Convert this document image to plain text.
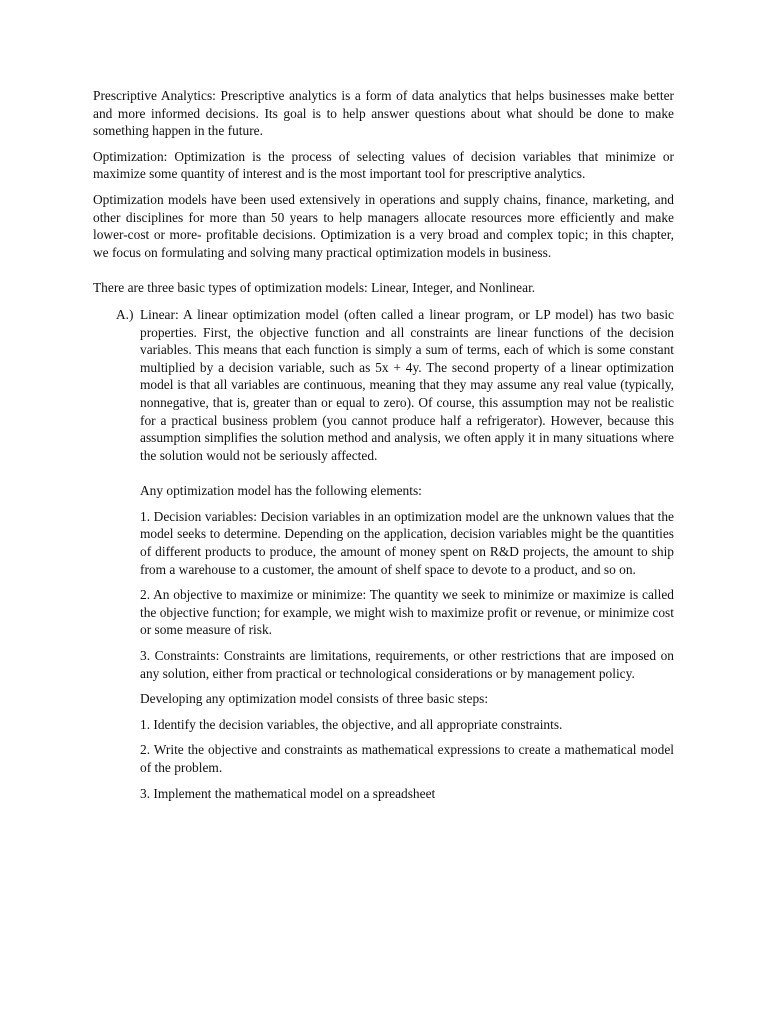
Prescriptive Analytics: Prescriptive analytics is a form of data analytics that helps businesses make better and more informed decisions. Its goal is to help answer questions about what should be done to make something happen in the future.

Optimization: Optimization is the process of selecting values of decision variables that minimize or maximize some quantity of interest and is the most important tool for prescriptive analytics.

Optimization models have been used extensively in operations and supply chains, finance, marketing, and other disciplines for more than 50 years to help managers allocate resources more efficiently and make lower-cost or more- profitable decisions. Optimization is a very broad and complex topic; in this chapter, we focus on formulating and solving many practical optimization models in business.

There are three basic types of optimization models: Linear, Integer, and Nonlinear.

A.) Linear: A linear optimization model (often called a linear program, or LP model) has two basic properties. First, the objective function and all constraints are linear functions of the decision variables. This means that each function is simply a sum of terms, each of which is some constant multiplied by a decision variable, such as 5x + 4y. The second property of a linear optimization model is that all variables are continuous, meaning that they may assume any real value (typically, nonnegative, that is, greater than or equal to zero). Of course, this assumption may not be realistic for a practical business problem (you cannot produce half a refrigerator). However, because this assumption simplifies the solution method and analysis, we often apply it in many situations where the solution would not be seriously affected.

Any optimization model has the following elements:

1. Decision variables: Decision variables in an optimization model are the unknown values that the model seeks to determine. Depending on the application, decision variables might be the quantities of different products to produce, the amount of money spent on R&D projects, the amount to ship from a warehouse to a customer, the amount of shelf space to devote to a product, and so on.

2. An objective to maximize or minimize: The quantity we seek to minimize or maximize is called the objective function; for example, we might wish to maximize profit or revenue, or minimize cost or some measure of risk.

3. Constraints: Constraints are limitations, requirements, or other restrictions that are imposed on any solution, either from practical or technological considerations or by management policy.

Developing any optimization model consists of three basic steps:

1. Identify the decision variables, the objective, and all appropriate constraints.

2. Write the objective and constraints as mathematical expressions to create a mathematical model of the problem.

3. Implement the mathematical model on a spreadsheet
